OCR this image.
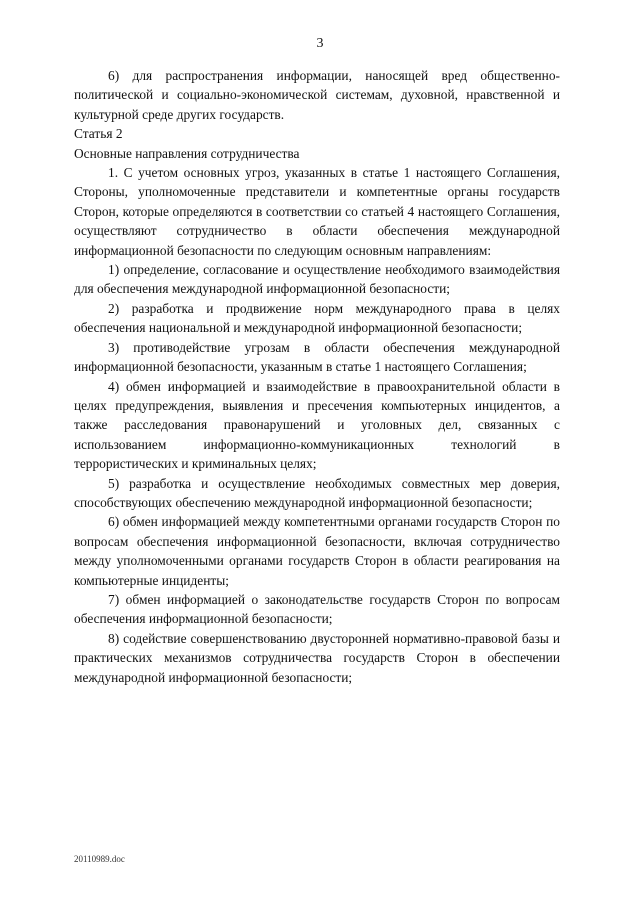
3

6) для распространения информации, наносящей вред общественно-политической и социально-экономической системам, духовной, нравственной и культурной среде других государств.

Статья 2

Основные направления сотрудничества

1. С учетом основных угроз, указанных в статье 1 настоящего Соглашения, Стороны, уполномоченные представители и компетентные органы государств Сторон, которые определяются в соответствии со статьей 4 настоящего Соглашения, осуществляют сотрудничество в области обеспечения международной информационной безопасности по следующим основным направлениям:

1) определение, согласование и осуществление необходимого взаимодействия для обеспечения международной информационной безопасности;

2) разработка и продвижение норм международного права в целях обеспечения национальной и международной информационной безопасности;

3) противодействие угрозам в области обеспечения международной информационной безопасности, указанным в статье 1 настоящего Соглашения;

4) обмен информацией и взаимодействие в правоохранительной области в целях предупреждения, выявления и пресечения компьютерных инцидентов, а также расследования правонарушений и уголовных дел, связанных с использованием информационно-коммуникационных технологий в террористических и криминальных целях;

5) разработка и осуществление необходимых совместных мер доверия, способствующих обеспечению международной информационной безопасности;

6) обмен информацией между компетентными органами государств Сторон по вопросам обеспечения информационной безопасности, включая сотрудничество между уполномоченными органами государств Сторон в области реагирования на компьютерные инциденты;

7) обмен информацией о законодательстве государств Сторон по вопросам обеспечения информационной безопасности;

8) содействие совершенствованию двусторонней нормативно-правовой базы и практических механизмов сотрудничества государств Сторон в обеспечении международной информационной безопасности;

20110989.doc
